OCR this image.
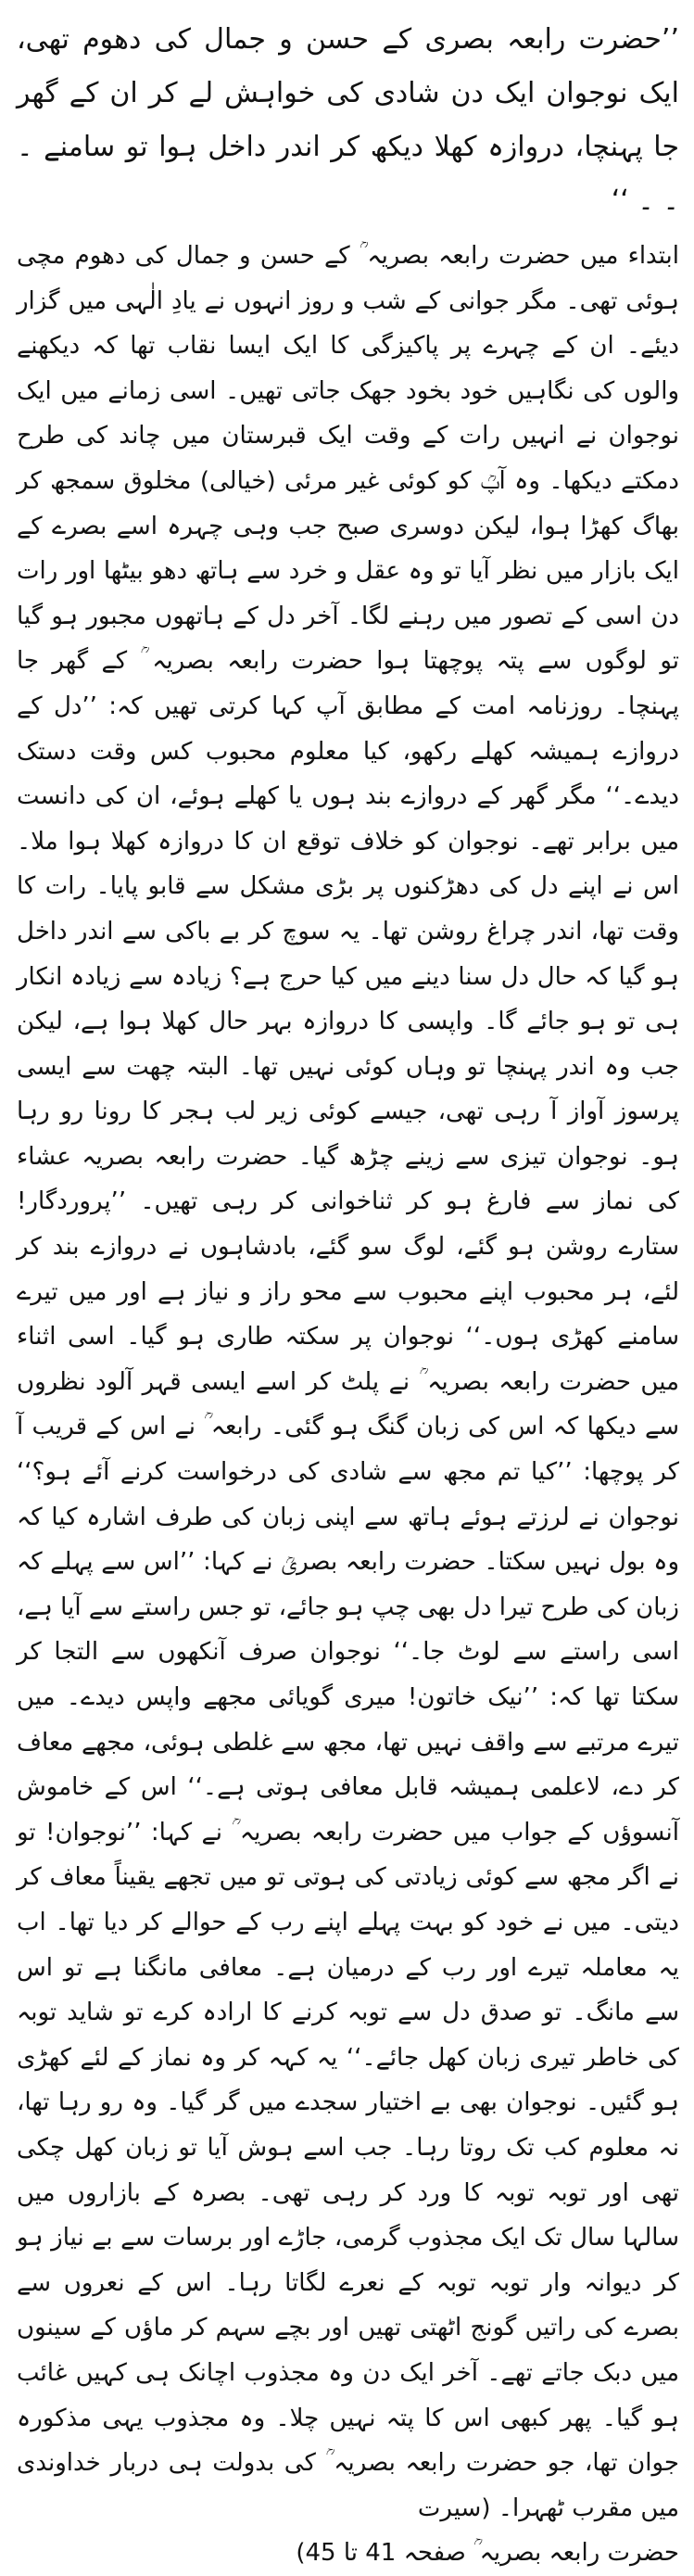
’’حضرت رابعہ بصری کے حسن و جمال کی دھوم تھی، ایک نوجوان ایک دن شادی کی خواہش لے کر ان کے گھر جا پہنچا، دروازہ کھلا دیکھ کر اندر داخل ہوا تو سامنے ۔ ۔ ۔ ‘‘

ابتداء میں حضرت رابعہ بصریہ ؒ کے حسن و جمال کی دھوم مچی ہوئی تھی۔ مگر جوانی کے شب و روز انہوں نے یادِ الٰہی میں گزار دیئے۔ ان کے چہرے پر پاکیزگی کا ایک ایسا نقاب تھا کہ دیکھنے والوں کی نگاہیں خود بخود جھک جاتی تھیں۔ اسی زمانے میں ایک نوجوان نے انہیں رات کے وقت ایک قبرستان میں چاند کی طرح دمکتے دیکھا۔ وہ آپؒ کو کوئی غیر مرئی (خیالی) مخلوق سمجھ کر بھاگ کھڑا ہوا، لیکن دوسری صبح جب وہی چہرہ اسے بصرے کے ایک بازار میں نظر آیا تو وہ عقل و خرد سے ہاتھ دھو بیٹھا اور رات دن اسی کے تصور میں رہنے لگا۔ آخر دل کے ہاتھوں مجبور ہو گیا تو لوگوں سے پتہ پوچھتا ہوا حضرت رابعہ بصریہ ؒ کے گھر جا پہنچا۔ روزنامہ امت کے مطابق آپ کہا کرتی تھیں کہ: ’’دل کے دروازے ہمیشہ کھلے رکھو، کیا معلوم محبوب کس وقت دستک دیدے۔‘‘ مگر گھر کے دروازے بند ہوں یا کھلے ہوئے، ان کی دانست میں برابر تھے۔ نوجوان کو خلاف توقع ان کا دروازہ کھلا ہوا ملا۔ اس نے اپنے دل کی دھڑکنوں پر بڑی مشکل سے قابو پایا۔ رات کا وقت تھا، اندر چراغ روشن تھا۔ یہ سوچ کر بے باکی سے اندر داخل ہو گیا کہ حال دل سنا دینے میں کیا حرج ہے؟ زیادہ سے زیادہ انکار ہی تو ہو جائے گا۔ واپسی کا دروازہ بہر حال کھلا ہوا ہے، لیکن جب وہ اندر پہنچا تو وہاں کوئی نہیں تھا۔ البتہ چھت سے ایسی پرسوز آواز آ رہی تھی، جیسے کوئی زیر لب ہجر کا رونا رو رہا ہو۔ نوجوان تیزی سے زینے چڑھ گیا۔ حضرت رابعہ بصریہ عشاء کی نماز سے فارغ ہو کر ثناخوانی کر رہی تھیں۔ ’’پروردگار! ستارے روشن ہو گئے، لوگ سو گئے، بادشاہوں نے دروازے بند کر لئے، ہر محبوب اپنے محبوب سے محو راز و نیاز ہے اور میں تیرے سامنے کھڑی ہوں۔‘‘ نوجوان پر سکتہ طاری ہو گیا۔ اسی اثناء میں حضرت رابعہ بصریہ ؒ نے پلٹ کر اسے ایسی قہر آلود نظروں سے دیکھا کہ اس کی زبان گنگ ہو گئی۔ رابعہ ؒ نے اس کے قریب آ کر پوچھا: ’’کیا تم مجھ سے شادی کی درخواست کرنے آئے ہو؟‘‘ نوجوان نے لرزتے ہوئے ہاتھ سے اپنی زبان کی طرف اشارہ کیا کہ وہ بول نہیں سکتا۔ حضرت رابعہ بصریؒ نے کہا: ’’اس سے پہلے کہ زبان کی طرح تیرا دل بھی چپ ہو جائے، تو جس راستے سے آیا ہے، اسی راستے سے لوٹ جا۔‘‘ نوجوان صرف آنکھوں سے التجا کر سکتا تھا کہ: ’’نیک خاتون! میری گویائی مجھے واپس دیدے۔ میں تیرے مرتبے سے واقف نہیں تھا، مجھ سے غلطی ہوئی، مجھے معاف کر دے، لاعلمی ہمیشہ قابل معافی ہوتی ہے۔‘‘ اس کے خاموش آنسوؤں کے جواب میں حضرت رابعہ بصریہ ؒ نے کہا: ’’نوجوان! تو نے اگر مجھ سے کوئی زیادتی کی ہوتی تو میں تجھے یقیناً معاف کر دیتی۔ میں نے خود کو بہت پہلے اپنے رب کے حوالے کر دیا تھا۔ اب یہ معاملہ تیرے اور رب کے درمیان ہے۔ معافی مانگنا ہے تو اس سے مانگ۔ تو صدق دل سے توبہ کرنے کا ارادہ کرے تو شاید توبہ کی خاطر تیری زبان کھل جائے۔‘‘ یہ کہہ کر وہ نماز کے لئے کھڑی ہو گئیں۔ نوجوان بھی بے اختیار سجدے میں گر گیا۔ وہ رو رہا تھا، نہ معلوم کب تک روتا رہا۔ جب اسے ہوش آیا تو زبان کھل چکی تھی اور توبہ توبہ کا ورد کر رہی تھی۔ بصرہ کے بازاروں میں سالہا سال تک ایک مجذوب گرمی، جاڑے اور برسات سے بے نیاز ہو کر دیوانہ وار توبہ توبہ کے نعرے لگاتا رہا۔ اس کے نعروں سے بصرے کی راتیں گونج اٹھتی تھیں اور بچے سہم کر ماؤں کے سینوں میں دبک جاتے تھے۔ آخر ایک دن وہ مجذوب اچانک ہی کہیں غائب ہو گیا۔ پھر کبھی اس کا پتہ نہیں چلا۔ وہ مجذوب یہی مذکورہ جوان تھا، جو حضرت رابعہ بصریہ ؒ کی بدولت ہی دربار خداوندی میں مقرب ٹھہرا۔ (سیرت

حضرت رابعہ بصریہ ؒ صفحہ 41 تا 45)
